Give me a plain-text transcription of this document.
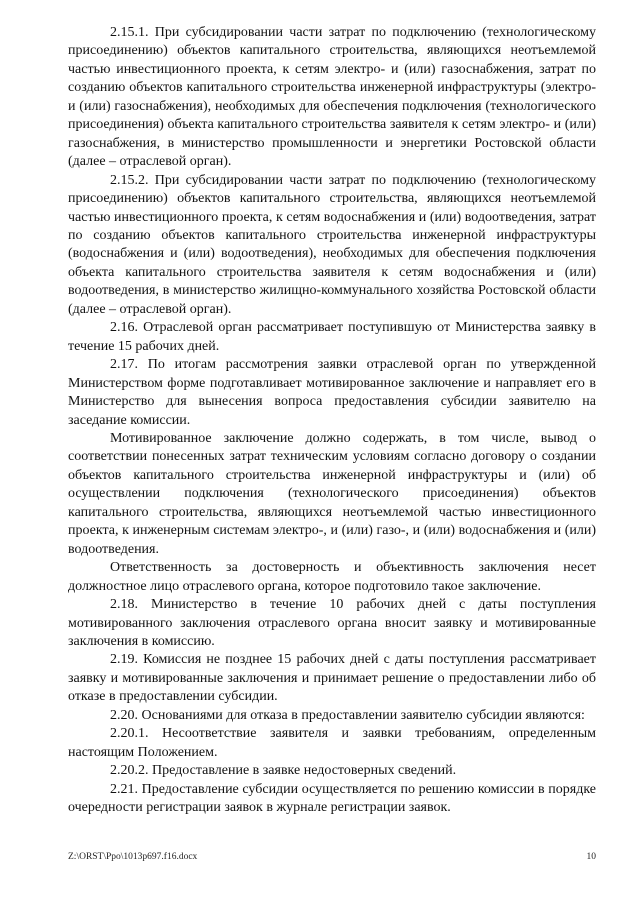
2.15.1. При субсидировании части затрат по подключению (технологическому присоединению) объектов капитального строительства, являющихся неотъемлемой частью инвестиционного проекта, к сетям электро- и (или) газоснабжения, затрат по созданию объектов капитального строительства инженерной инфраструктуры (электро- и (или) газоснабжения), необходимых для обеспечения подключения (технологического присоединения) объекта капитального строительства заявителя к сетям электро- и (или) газоснабжения, в министерство промышленности и энергетики Ростовской области (далее – отраслевой орган).

2.15.2. При субсидировании части затрат по подключению (технологическому присоединению) объектов капитального строительства, являющихся неотъемлемой частью инвестиционного проекта, к сетям водоснабжения и (или) водоотведения, затрат по созданию объектов капитального строительства инженерной инфраструктуры (водоснабжения и (или) водоотведения), необходимых для обеспечения подключения объекта капитального строительства заявителя к сетям водоснабжения и (или) водоотведения, в министерство жилищно-коммунального хозяйства Ростовской области (далее – отраслевой орган).

2.16. Отраслевой орган рассматривает поступившую от Министерства заявку в течение 15 рабочих дней.

2.17. По итогам рассмотрения заявки отраслевой орган по утвержденной Министерством форме подготавливает мотивированное заключение и направляет его в Министерство для вынесения вопроса предоставления субсидии заявителю на заседание комиссии.

Мотивированное заключение должно содержать, в том числе, вывод о соответствии понесенных затрат техническим условиям согласно договору о создании объектов капитального строительства инженерной инфраструктуры и (или) об осуществлении подключения (технологического присоединения) объектов капитального строительства, являющихся неотъемлемой частью инвестиционного проекта, к инженерным системам электро-, и (или) газо-, и (или) водоснабжения и (или) водоотведения.

Ответственность за достоверность и объективность заключения несет должностное лицо отраслевого органа, которое подготовило такое заключение.

2.18. Министерство в течение 10 рабочих дней с даты поступления мотивированного заключения отраслевого органа вносит заявку и мотивированные заключения в комиссию.

2.19. Комиссия не позднее 15 рабочих дней с даты поступления рассматривает заявку и мотивированные заключения и принимает решение о предоставлении либо об отказе в предоставлении субсидии.

2.20. Основаниями для отказа в предоставлении заявителю субсидии являются:

2.20.1. Несоответствие заявителя и заявки требованиям, определенным настоящим Положением.

2.20.2. Предоставление в заявке недостоверных сведений.

2.21. Предоставление субсидии осуществляется по решению комиссии в порядке очередности регистрации заявок в журнале регистрации заявок.

Z:\ORST\Ppo\1013p697.f16.docx	10
